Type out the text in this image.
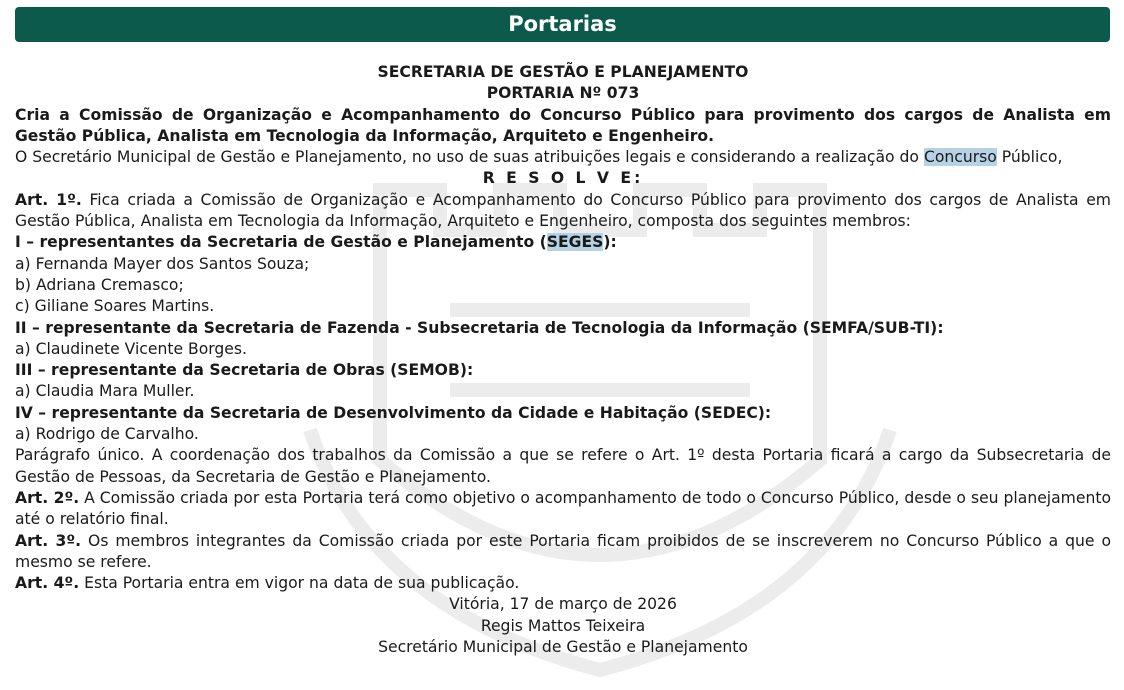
Portarias

SECRETARIA DE GESTÃO E PLANEJAMENTO

PORTARIA Nº 073

Cria a Comissão de Organização e Acompanhamento do Concurso Público para provimento dos cargos de Analista em Gestão Pública, Analista em Tecnologia da Informação, Arquiteto e Engenheiro.

O Secretário Municipal de Gestão e Planejamento, no uso de suas atribuições legais e considerando a realização do Concurso Público,

R E S O L V E:

Art. 1º. Fica criada a Comissão de Organização e Acompanhamento do Concurso Público para provimento dos cargos de Analista em Gestão Pública, Analista em Tecnologia da Informação, Arquiteto e Engenheiro, composta dos seguintes membros:

I – representantes da Secretaria de Gestão e Planejamento (SEGES):

a) Fernanda Mayer dos Santos Souza;

b) Adriana Cremasco;

c) Giliane Soares Martins.

II – representante da Secretaria de Fazenda - Subsecretaria de Tecnologia da Informação (SEMFA/SUB-TI):

a) Claudinete Vicente Borges.

III – representante da Secretaria de Obras (SEMOB):

a) Claudia Mara Muller.

IV – representante da Secretaria de Desenvolvimento da Cidade e Habitação (SEDEC):

a) Rodrigo de Carvalho.

Parágrafo único. A coordenação dos trabalhos da Comissão a que se refere o Art. 1º desta Portaria ficará a cargo da Subsecretaria de Gestão de Pessoas, da Secretaria de Gestão e Planejamento.

Art. 2º. A Comissão criada por esta Portaria terá como objetivo o acompanhamento de todo o Concurso Público, desde o seu planejamento até o relatório final.

Art. 3º. Os membros integrantes da Comissão criada por este Portaria ficam proibidos de se inscreverem no Concurso Público a que o mesmo se refere.

Art. 4º. Esta Portaria entra em vigor na data de sua publicação.

Vitória, 17 de março de 2026

Regis Mattos Teixeira

Secretário Municipal de Gestão e Planejamento
